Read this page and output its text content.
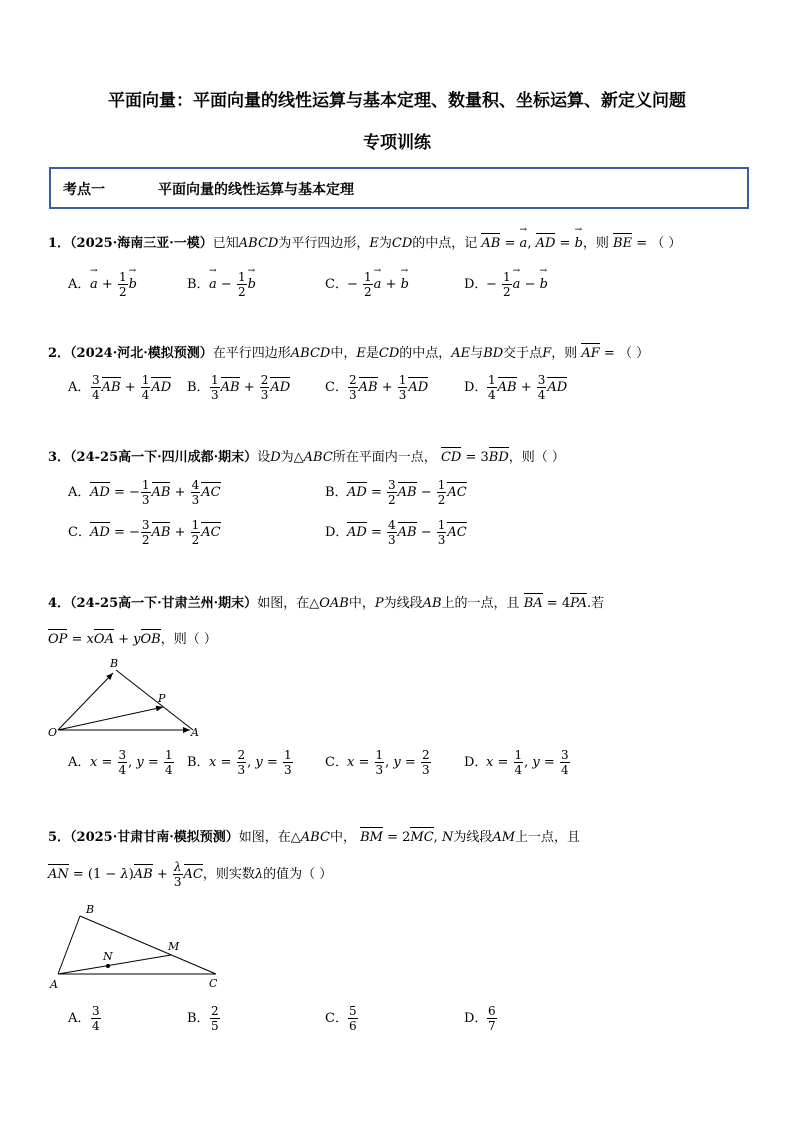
平面向量：平面向量的线性运算与基本定理、数量积、坐标运算、新定义问题
专项训练
考点一	平面向量的线性运算与基本定理
1．（2025·海南三亚·一模）已知ABCD为平行四边形，E为CD的中点，记 AB = → a, AD = → b，则 BE = （ ）
A．→ $a + \frac{1}{2}$
→ b	B．→ $a - \frac{1}{2}$
→ b	C．− $\frac{1}{2}$
→ a + → b	D．− $\frac{1}{2}$
→ a − → b
2．（2024·河北·模拟预测）在平行四边形ABCD中，E是CD的中点，AE与BD交于点F，则 AF = （ ）
A． $\frac{3}{4}$ AB + $\frac{1}{4}$ AD B． $\frac{1}{3}$ AB + $\frac{2}{3}$ AD	C． $\frac{2}{3}$ AB + $\frac{1}{3}$ AD	D． $\frac{1}{4}$ AB + $\frac{3}{4}$ AD
3．（24-25高一下·四川成都·期末）设D为△ABC所在平面内一点， CD = 3BD，则（ ）
A．AD = − $\frac{1}{3}$ AB + $\frac{4}{3}$ AC	B．AD = $\frac{3}{2}$ AB − $\frac{1}{2}$ AC
C．AD = − $\frac{3}{2}$ AB + $\frac{1}{2}$ AC	D．AD = $\frac{4}{3}$ AB − $\frac{1}{3}$ AC
4．（24-25高一下·甘肃兰州·期末）如图，在△OAB中，P为线段AB上的一点，且 BA = 4PA.若
OP = xOA + yOB，则（ ）
B
P
O	A
A．$x = \frac{3}{4}$ , $y = \frac{1}{4}$ B．$x = \frac{2}{3}$ , $y = \frac{1}{3}$ C．$x = \frac{1}{3}$ , $y = \frac{2}{3}$	D．$x = \frac{1}{4}$ , $y = \frac{3}{4}$
5．（2025·甘肃甘南·模拟预测）如图，在△ABC中， BM = 2MC, N为线段AM上一点，且
AN = $(1 - \lambda)AB + \frac{\lambda}{3}$ AC，则实数λ的值为（ ）
B
M
N
A	C
A． $\frac{3}{4}$	B． $\frac{2}{5}$	C． $\frac{5}{6}$	D． $\frac{6}{7}$
